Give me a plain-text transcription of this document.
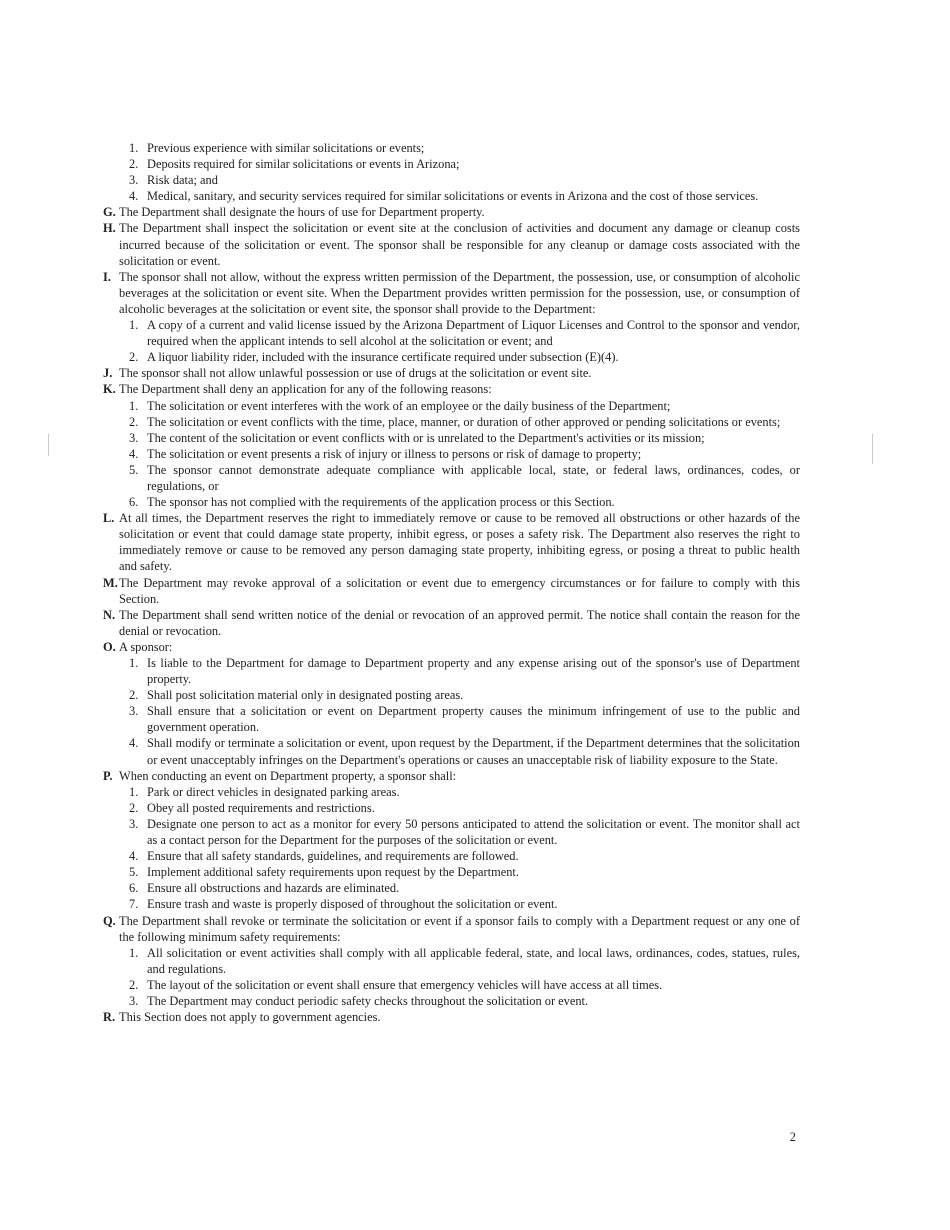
1. Previous experience with similar solicitations or events;
2. Deposits required for similar solicitations or events in Arizona;
3. Risk data; and
4. Medical, sanitary, and security services required for similar solicitations or events in Arizona and the cost of those services.
G. The Department shall designate the hours of use for Department property.
H. The Department shall inspect the solicitation or event site at the conclusion of activities and document any damage or cleanup costs incurred because of the solicitation or event. The sponsor shall be responsible for any cleanup or damage costs associated with the solicitation or event.
I. The sponsor shall not allow, without the express written permission of the Department, the possession, use, or consumption of alcoholic beverages at the solicitation or event site. When the Department provides written permission for the possession, use, or consumption of alcoholic beverages at the solicitation or event site, the sponsor shall provide to the Department:
1. A copy of a current and valid license issued by the Arizona Department of Liquor Licenses and Control to the sponsor and vendor, required when the applicant intends to sell alcohol at the solicitation or event; and
2. A liquor liability rider, included with the insurance certificate required under subsection (E)(4).
J. The sponsor shall not allow unlawful possession or use of drugs at the solicitation or event site.
K. The Department shall deny an application for any of the following reasons:
1. The solicitation or event interferes with the work of an employee or the daily business of the Department;
2. The solicitation or event conflicts with the time, place, manner, or duration of other approved or pending solicitations or events;
3. The content of the solicitation or event conflicts with or is unrelated to the Department's activities or its mission;
4. The solicitation or event presents a risk of injury or illness to persons or risk of damage to property;
5. The sponsor cannot demonstrate adequate compliance with applicable local, state, or federal laws, ordinances, codes, or regulations, or
6. The sponsor has not complied with the requirements of the application process or this Section.
L. At all times, the Department reserves the right to immediately remove or cause to be removed all obstructions or other hazards of the solicitation or event that could damage state property, inhibit egress, or poses a safety risk. The Department also reserves the right to immediately remove or cause to be removed any person damaging state property, inhibiting egress, or posing a threat to public health and safety.
M. The Department may revoke approval of a solicitation or event due to emergency circumstances or for failure to comply with this Section.
N. The Department shall send written notice of the denial or revocation of an approved permit. The notice shall contain the reason for the denial or revocation.
O. A sponsor:
1. Is liable to the Department for damage to Department property and any expense arising out of the sponsor's use of Department property.
2. Shall post solicitation material only in designated posting areas.
3. Shall ensure that a solicitation or event on Department property causes the minimum infringement of use to the public and government operation.
4. Shall modify or terminate a solicitation or event, upon request by the Department, if the Department determines that the solicitation or event unacceptably infringes on the Department's operations or causes an unacceptable risk of liability exposure to the State.
P. When conducting an event on Department property, a sponsor shall:
1. Park or direct vehicles in designated parking areas.
2. Obey all posted requirements and restrictions.
3. Designate one person to act as a monitor for every 50 persons anticipated to attend the solicitation or event. The monitor shall act as a contact person for the Department for the purposes of the solicitation or event.
4. Ensure that all safety standards, guidelines, and requirements are followed.
5. Implement additional safety requirements upon request by the Department.
6. Ensure all obstructions and hazards are eliminated.
7. Ensure trash and waste is properly disposed of throughout the solicitation or event.
Q. The Department shall revoke or terminate the solicitation or event if a sponsor fails to comply with a Department request or any one of the following minimum safety requirements:
1. All solicitation or event activities shall comply with all applicable federal, state, and local laws, ordinances, codes, statues, rules, and regulations.
2. The layout of the solicitation or event shall ensure that emergency vehicles will have access at all times.
3. The Department may conduct periodic safety checks throughout the solicitation or event.
R. This Section does not apply to government agencies.
2
